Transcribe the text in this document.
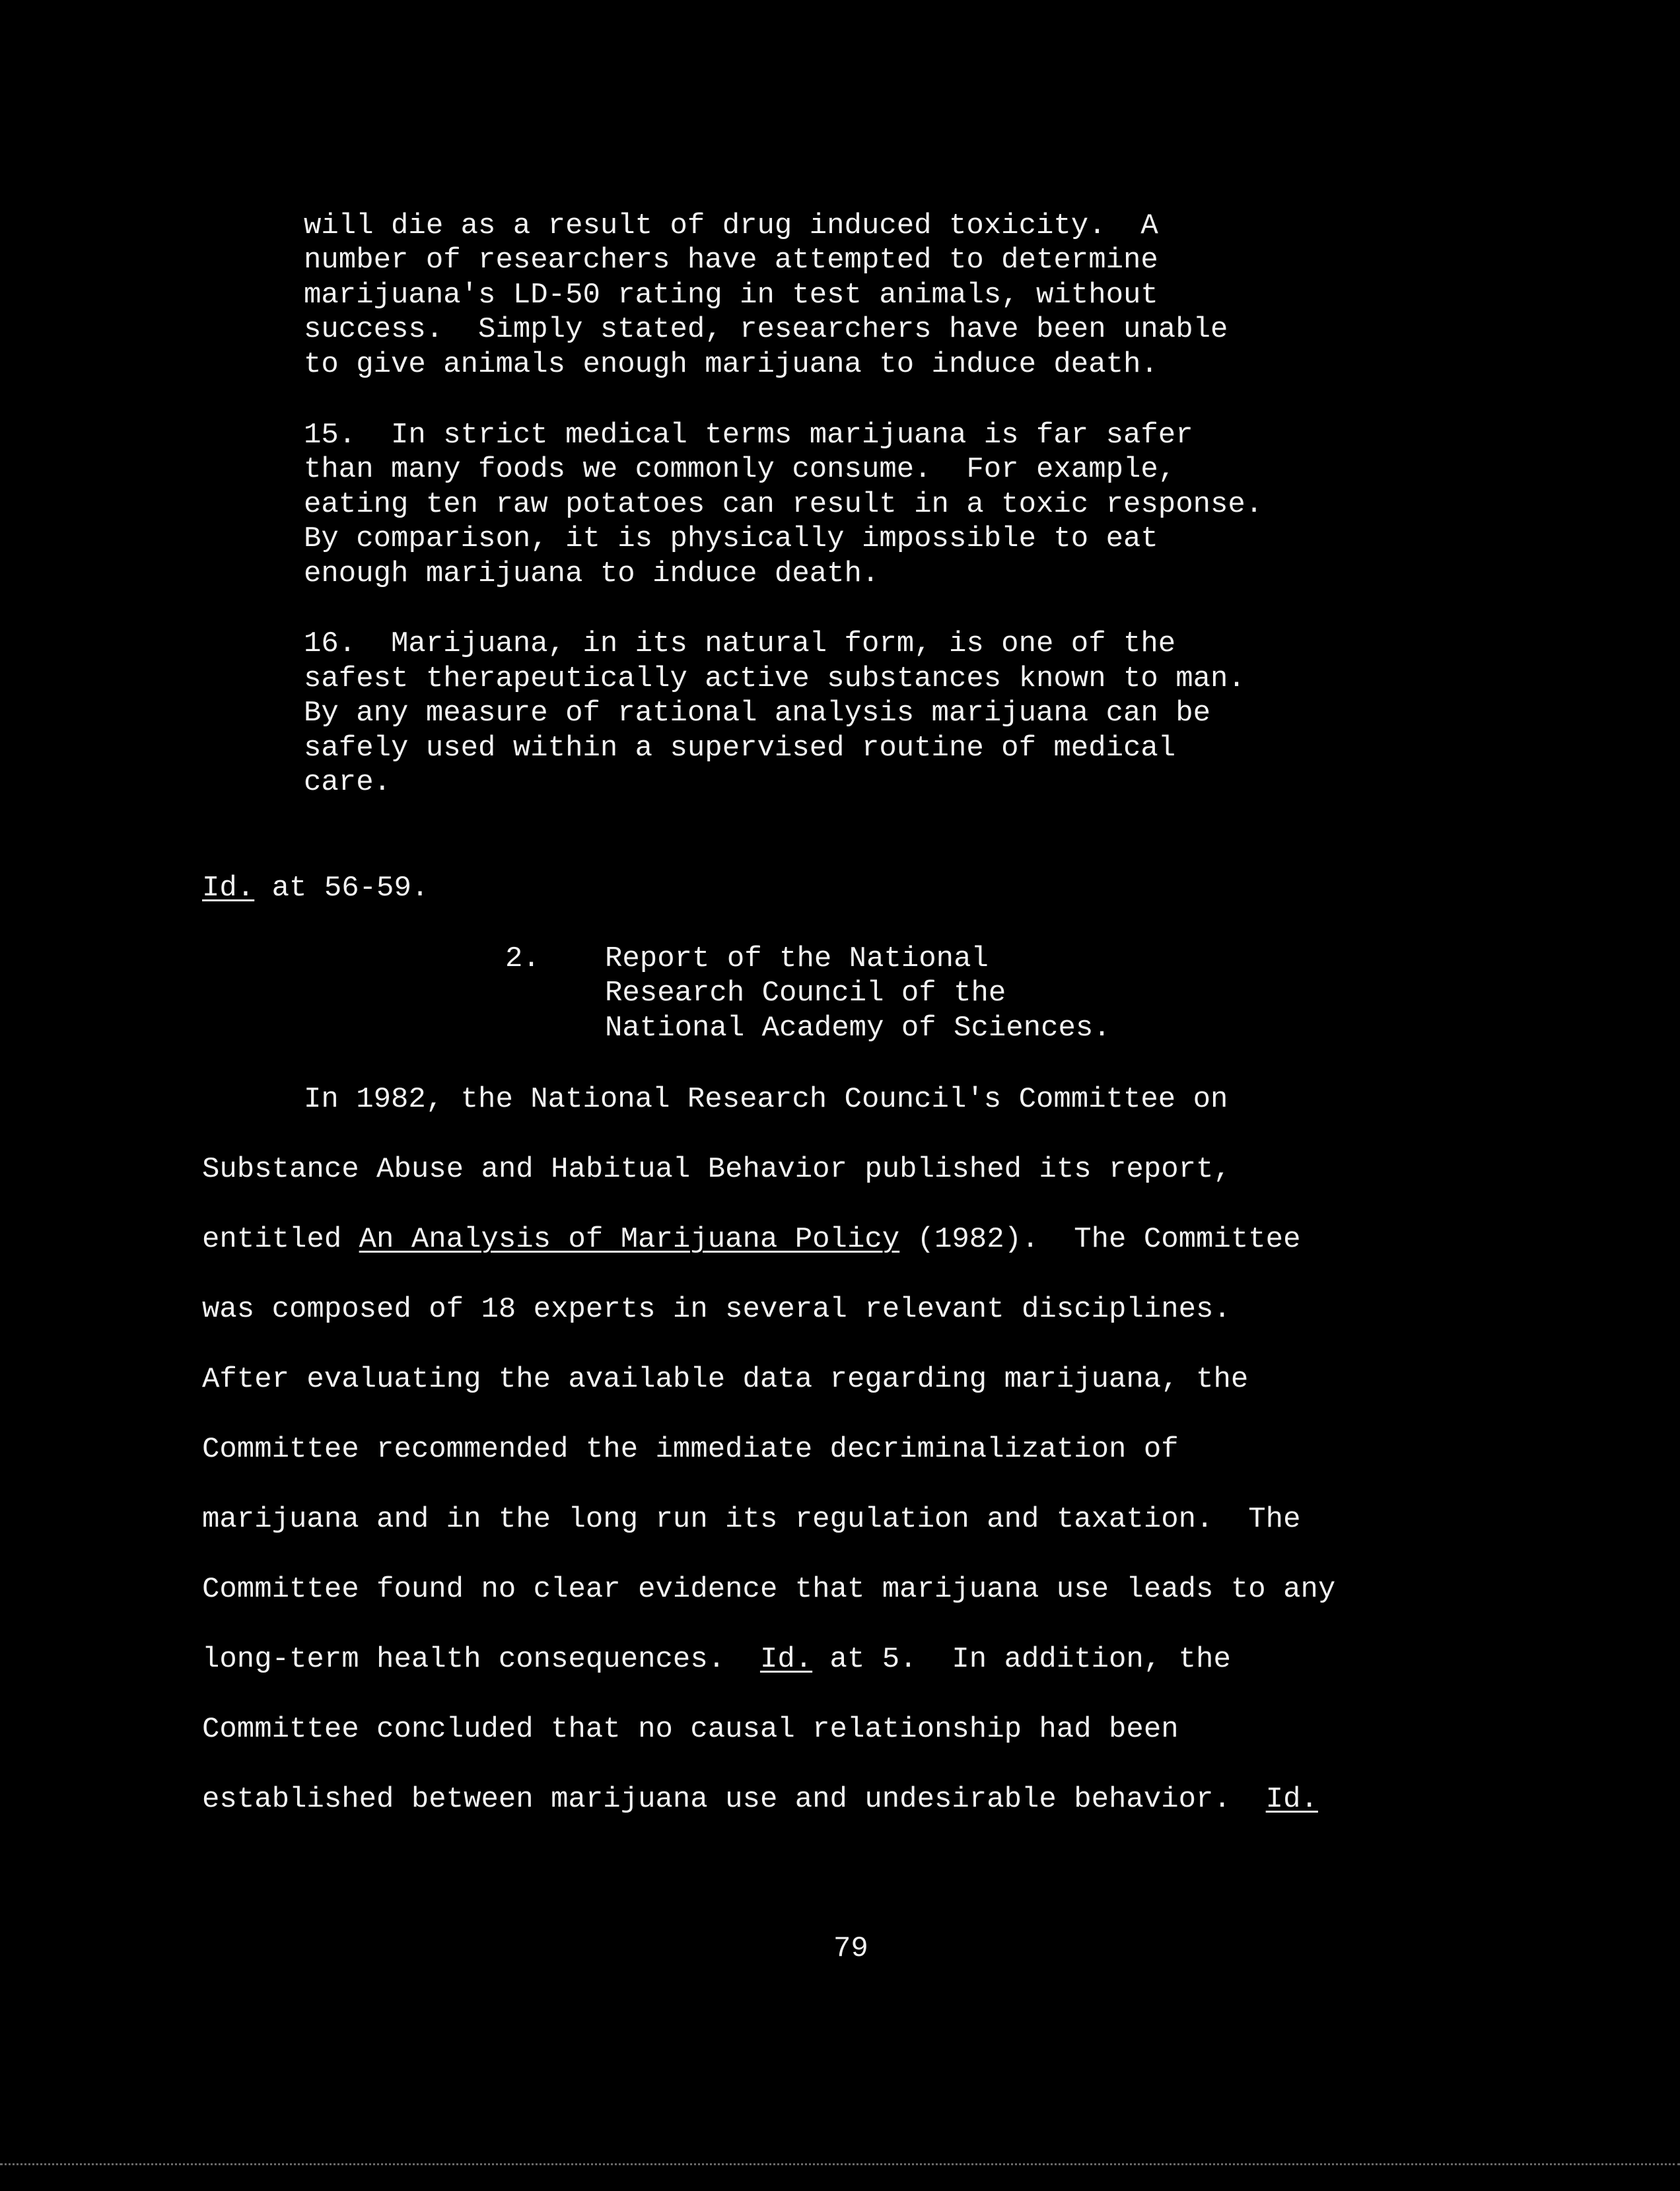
will die as a result of drug induced toxicity.  A
number of researchers have attempted to determine
marijuana's LD-50 rating in test animals, without
success.  Simply stated, researchers have been unable
to give animals enough marijuana to induce death.
15.  In strict medical terms marijuana is far safer
than many foods we commonly consume.  For example,
eating ten raw potatoes can result in a toxic response.
By comparison, it is physically impossible to eat
enough marijuana to induce death.
16.  Marijuana, in its natural form, is one of the
safest therapeutically active substances known to man.
By any measure of rational analysis marijuana can be
safely used within a supervised routine of medical
care.
Id. at 56-59.
2. Report of the National
Research Council of the
National Academy of Sciences.
In 1982, the National Research Council's Committee on
Substance Abuse and Habitual Behavior published its report,
entitled An Analysis of Marijuana Policy (1982).  The Committee
was composed of 18 experts in several relevant disciplines.
After evaluating the available data regarding marijuana, the
Committee recommended the immediate decriminalization of
marijuana and in the long run its regulation and taxation.  The
Committee found no clear evidence that marijuana use leads to any
long-term health consequences.  Id. at 5.  In addition, the
Committee concluded that no causal relationship had been
established between marijuana use and undesirable behavior.  Id.
79
